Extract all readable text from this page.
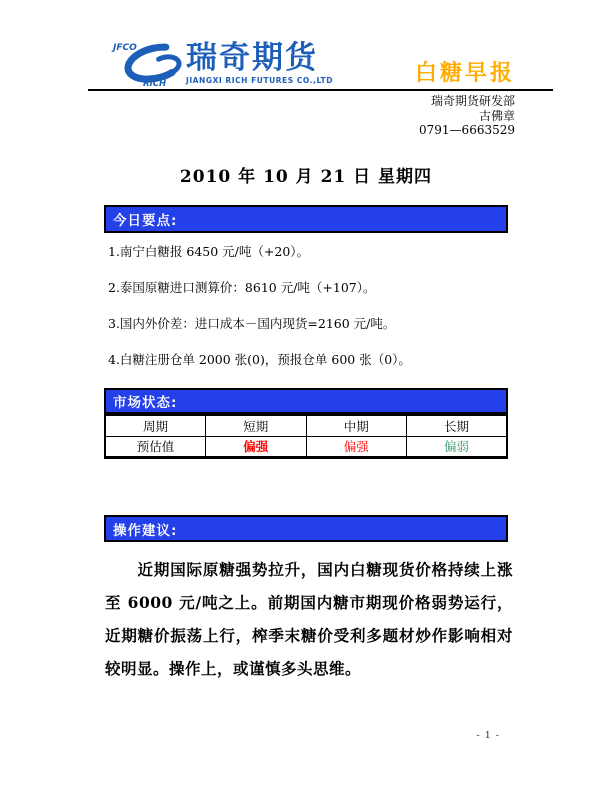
JFCO
RICH
瑞奇期货
JIANGXI RICH FUTURES CO.,LTD	白糖早报
瑞奇期货研发部
古佛章
0791—6663529
2010 年 10 月 21 日 星期四
今日要点:

1.南宁白糖报 6450 元/吨（+20）。

2.泰国原糖进口测算价：8610 元/吨（+107）。

3.国内外价差：进口成本－国内现货=2160 元/吨。

4.白糖注册仓单 2000 张(0)，预报仓单 600 张（0）。

市场状态:
周期	短期	中期	长期
预估值	偏强	偏强	偏弱
操作建议:
近期国际原糖强势拉升，国内白糖现货价格持续上涨至 6000 元/吨之上。前期国内糖市期现价格弱势运行，近期糖价振荡上行，榨季末糖价受利多题材炒作影响相对较明显。操作上，或谨慎多头思维。
- 1 -
